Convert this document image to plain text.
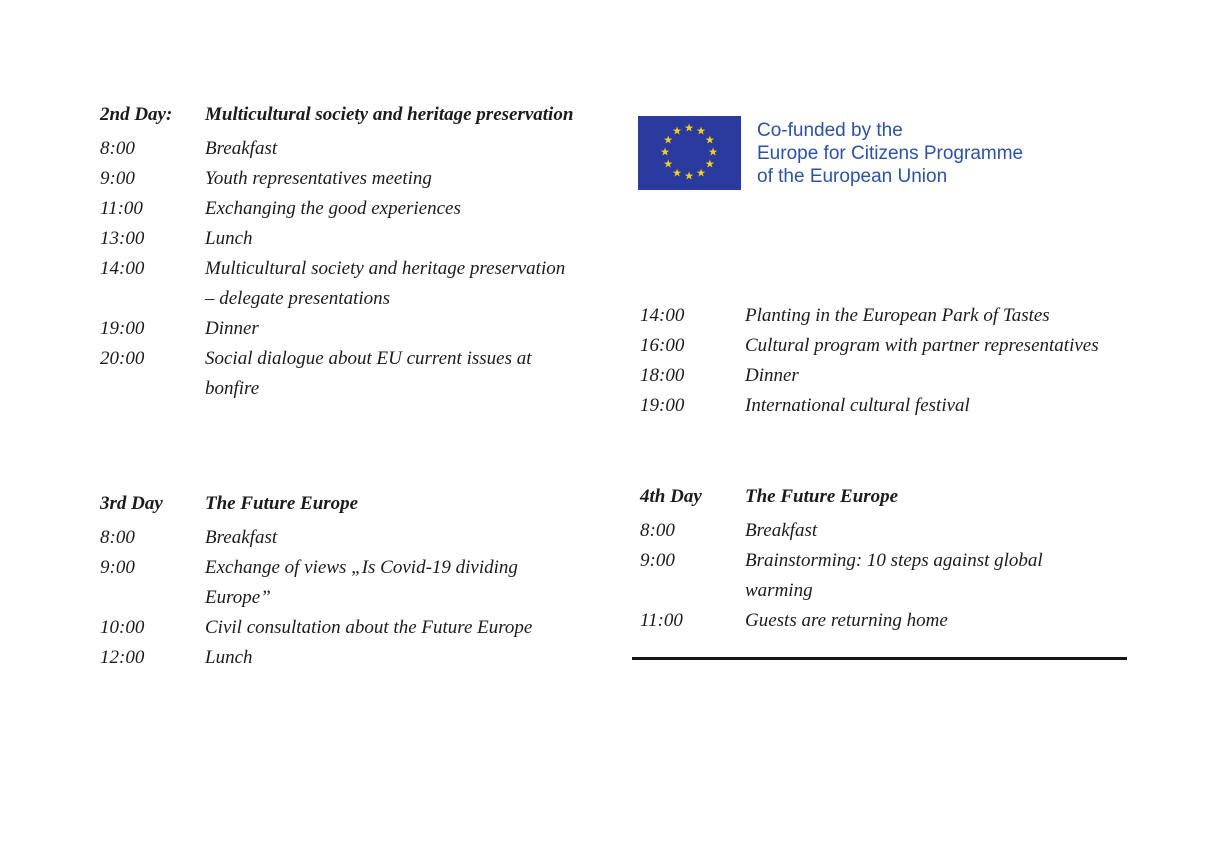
2nd Day:	Multicultural society and heritage preservation
8:00	Breakfast
9:00	Youth representatives meeting
11:00	Exchanging the good experiences
13:00	Lunch
14:00	Multicultural society and heritage preservation – delegate presentations
19:00	Dinner
20:00	Social dialogue about EU current issues at bonfire
3rd Day	The Future Europe
8:00	Breakfast
9:00	Exchange of views „Is Covid-19 dividing Europe”
10:00	Civil consultation about the Future Europe
12:00	Lunch
★ ★
★
★
★
★
★
★
★
★
★
★	Co-funded by the
Europe for Citizens Programme
of the European Union
14:00	Planting in the European Park of Tastes
16:00	Cultural program with partner representatives
18:00	Dinner
19:00	International cultural festival
4th Day	The Future Europe
8:00	Breakfast
9:00	Brainstorming: 10 steps against global warming
11:00	Guests are returning home
